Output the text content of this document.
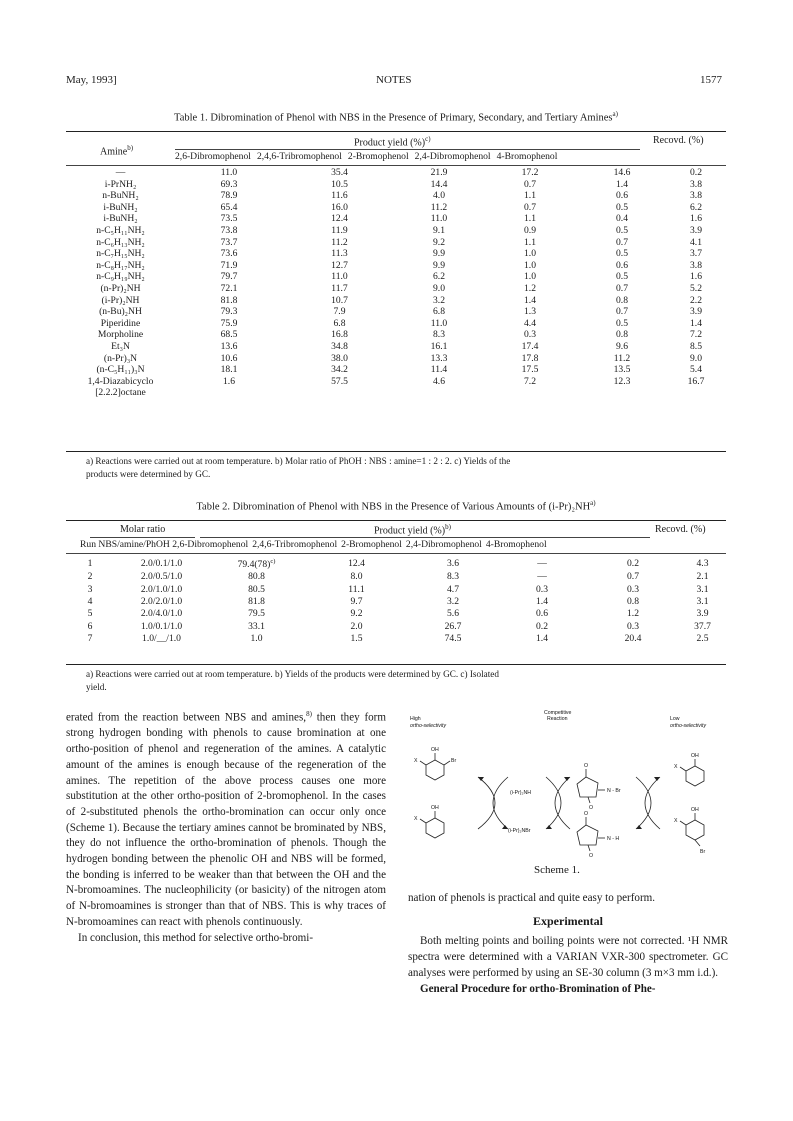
May, 1993]	NOTES	1577
Table 1. Dibromination of Phenol with NBS in the Presence of Primary, Secondary, and Tertiary Amines$^{a)}$
Amine$^{b)}$	Product yield (%)$^{c)}$	Recovd. (%)
2,6-Dibromophenol 2,4,6-Tribromophenol 2-Bromophenol 2,4-Dibromophenol 4-Bromophenol
—	11.0	35.4	21.9	17.2	14.6	0.2
i-PrNH₂	69.3	10.5	14.4	0.7	1.4	3.8
n-BuNH₂	78.9	11.6	4.0	1.1	0.6	3.8
i-BuNH₂	65.4	16.0	11.2	0.7	0.5	6.2
i-BuNH₂	73.5	12.4	11.0	1.1	0.4	1.6
n-C₅H₁₁NH₂	73.8	11.9	9.1	0.9	0.5	3.9
n-C₆H₁₃NH₂	73.7	11.2	9.2	1.1	0.7	4.1
n-C₇H₁₅NH₂	73.6	11.3	9.9	1.0	0.5	3.7
n-C₈H₁₇NH₂	71.9	12.7	9.9	1.0	0.6	3.8
n-C₉H₁₉NH₂	79.7	11.0	6.2	1.0	0.5	1.6
(n-Pr)₂NH	72.1	11.7	9.0	1.2	0.7	5.2
(i-Pr)₂NH	81.8	10.7	3.2	1.4	0.8	2.2
(n-Bu)₂NH	79.3	7.9	6.8	1.3	0.7	3.9
Piperidine	75.9	6.8	11.0	4.4	0.5	1.4
Morpholine	68.5	16.8	8.3	0.3	0.8	7.2
Et₃N	13.6	34.8	16.1	17.4	9.6	8.5
(n-Pr)₃N	10.6	38.0	13.3	17.8	11.2	9.0
(n-C₅H₁₁)₃N	18.1	34.2	11.4	17.5	13.5	5.4
1,4-Diazabicyclo	1.6	57.5	4.6	7.2	12.3	16.7
[2.2.2]octane						
a) Reactions were carried out at room temperature. b) Molar ratio of PhOH : NBS : amine=1 : 2 : 2. c) Yields of the
products were determined by GC.
Table 2. Dibromination of Phenol with NBS in the Presence of Various Amounts of (i-Pr)₂NH$^{a)}$
Molar ratio	Product yield (%)$^{b)}$	Recovd. (%)
Run NBS/amine/PhOH 2,6-Dibromophenol 2,4,6-Tribromophenol 2-Bromophenol 2,4-Dibromophenol 4-Bromophenol
1	2.0/0.1/1.0	$79.4(78)^{c)}$	12.4	3.6	—	0.2	4.3
2	2.0/0.5/1.0	80.8	8.0	8.3	—	0.7	2.1
3	2.0/1.0/1.0	80.5	11.1	4.7	0.3	0.3	3.1
4	2.0/2.0/1.0	81.8	9.7	3.2	1.4	0.8	3.1
5	2.0/4.0/1.0	79.5	9.2	5.6	0.6	1.2	3.9
6	1.0/0.1/1.0	33.1	2.0	26.7	0.2	0.3	37.7
7	1.0/__/1.0	1.0	1.5	74.5	1.4	20.4	2.5
a) Reactions were carried out at room temperature. b) Yields of the products were determined by GC. c) Isolated
yield.

erated from the reaction between NBS and amines,$^{8)}$ then they form strong hydrogen bonding with phenols to cause bromination at one ortho-position of phenol and regeneration of the amines. A catalytic amount of the amines is enough because of the regeneration of the amines. The repetition of the above process causes one more substitution at the other ortho-position of 2-bromophenol. In the cases of 2-substituted phenols the ortho-bromination can occur only once (Scheme 1). Because the tertiary amines cannot be brominated by NBS, they do not influence the ortho-bromination of phenols. Though the hydrogen bonding between the phenolic OH and NBS will be formed, the bonding is inferred to be weaker than that between the OH and the N-bromoamines. The nucleophilicity (or basicity) of the nitrogen atom of N-bromoamines is stronger than that of NBS. This is why traces of N-bromoamines can react with phenols continuously.

In conclusion, this method for selective ortho-bromi-

Competitive
Reaction
High
ortho-selectivity
Low
ortho-selectivity
(i-Pr)₂NH
(i-Pr)₂NBr
N - Br
N - H
OH
Br
X
OH
X
O
O
O
O
OH
X
OH
X
Br
Scheme 1.

nation of phenols is practical and quite easy to perform.

Experimental

Both melting points and boiling points were not corrected. ¹H NMR spectra were determined with a VARIAN VXR-300 spectrometer. GC analyses were performed by using an SE-30 column (3 m×3 mm i.d.).

General Procedure for ortho-Bromination of Phe-
